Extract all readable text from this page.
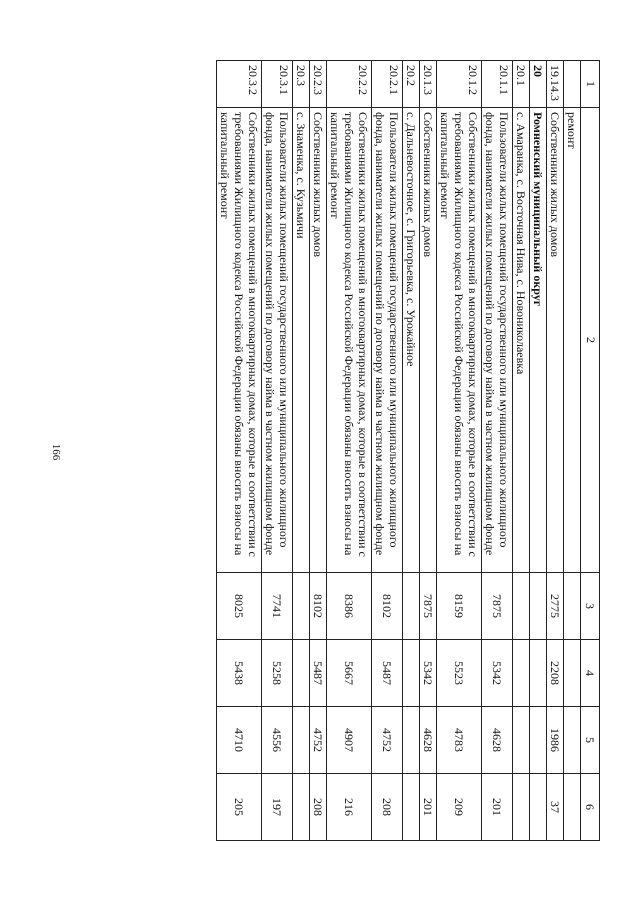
166
1	2	3	4	5	6
	ремонт				
19.14.3	Собственники жилых домов	2775	2208	1986	37
20	Ромненский муниципальный округ				
20.1	с. Амаранка, с. Восточная Нива, с. Новониколаевка				
20.1.1	Пользователи жилых помещений государственного или муниципального жилищного фонда, наниматели жилых помещений по договору найма в частном жилищном фонде	7875	5342	4628	201
20.1.2	Собственники жилых помещений в многоквартирных домах, которые в соответствии с требованиями Жилищного кодекса Российской Федерации обязаны вносить взносы на капитальный ремонт	8159	5523	4783	209
20.1.3	Собственники жилых домов	7875	5342	4628	201
20.2	с. Дальневосточное, с. Григорьевка, с. Урожайное				
20.2.1	Пользователи жилых помещений государственного или муниципального жилищного фонда, наниматели жилых помещений по договору найма в частном жилищном фонде	8102	5487	4752	208
20.2.2	Собственники жилых помещений в многоквартирных домах, которые в соответствии с требованиями Жилищного кодекса Российской Федерации обязаны вносить взносы на капитальный ремонт	8386	5667	4907	216
20.2.3	Собственники жилых домов	8102	5487	4752	208
20.3	с. Знаменка, с. Кузьмичи				
20.3.1	Пользователи жилых помещений государственного или муниципального жилищного фонда, наниматели жилых помещений по договору найма в частном жилищном фонде	7741	5258	4556	197
20.3.2	Собственники жилых помещений в многоквартирных домах, которые в соответствии с требованиями Жилищного кодекса Российской Федерации обязаны вносить взносы на капитальный ремонт	8025	5438	4710	205
